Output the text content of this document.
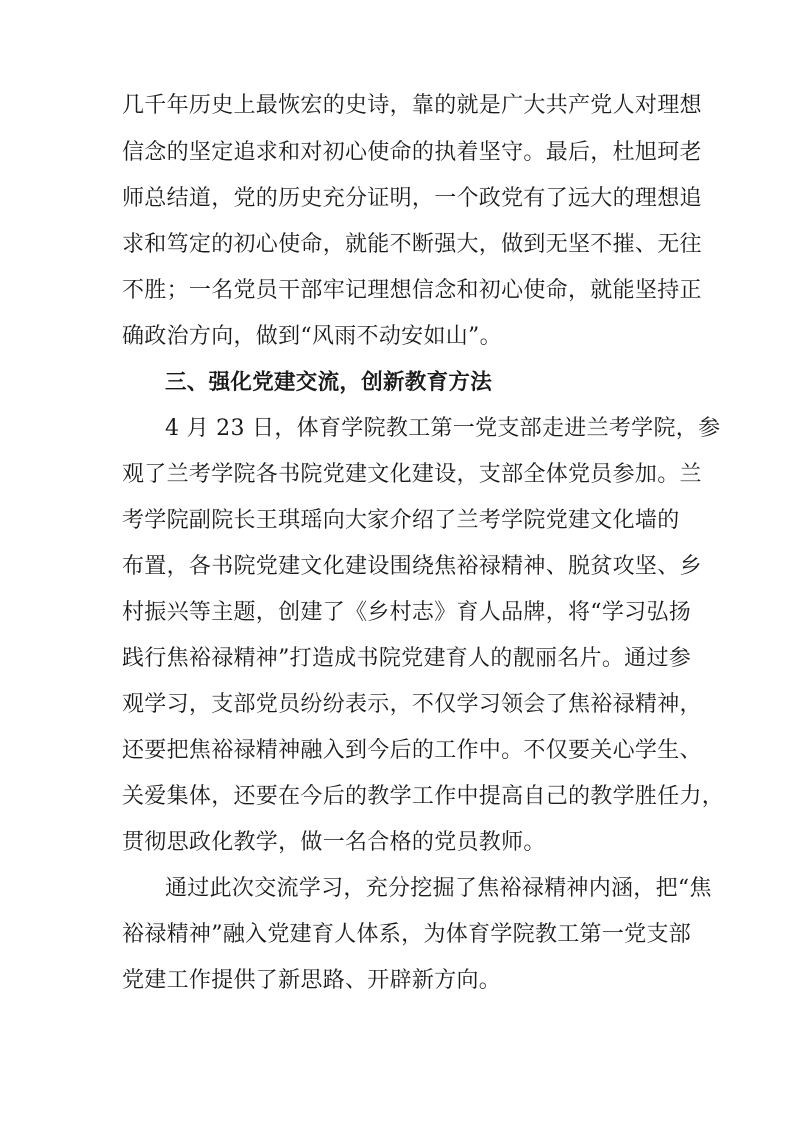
几千年历史上最恢宏的史诗，靠的就是广大共产党人对理想
信念的坚定追求和对初心使命的执着坚守。最后，杜旭珂老
师总结道，党的历史充分证明，一个政党有了远大的理想追
求和笃定的初心使命，就能不断强大，做到无坚不摧、无往
不胜；一名党员干部牢记理想信念和初心使命，就能坚持正
确政治方向，做到“风雨不动安如山”。
三、强化党建交流，创新教育方法
4 月 23 日，体育学院教工第一党支部走进兰考学院，参
观了兰考学院各书院党建文化建设，支部全体党员参加。兰
考学院副院长王琪瑶向大家介绍了兰考学院党建文化墙的
布置，各书院党建文化建设围绕焦裕禄精神、脱贫攻坚、乡
村振兴等主题，创建了《乡村志》育人品牌，将“学习弘扬
践行焦裕禄精神”打造成书院党建育人的靓丽名片。通过参
观学习，支部党员纷纷表示，不仅学习领会了焦裕禄精神，
还要把焦裕禄精神融入到今后的工作中。不仅要关心学生、
关爱集体，还要在今后的教学工作中提高自己的教学胜任力，
贯彻思政化教学，做一名合格的党员教师。
通过此次交流学习，充分挖掘了焦裕禄精神内涵，把“焦
裕禄精神”融入党建育人体系，为体育学院教工第一党支部
党建工作提供了新思路、开辟新方向。
